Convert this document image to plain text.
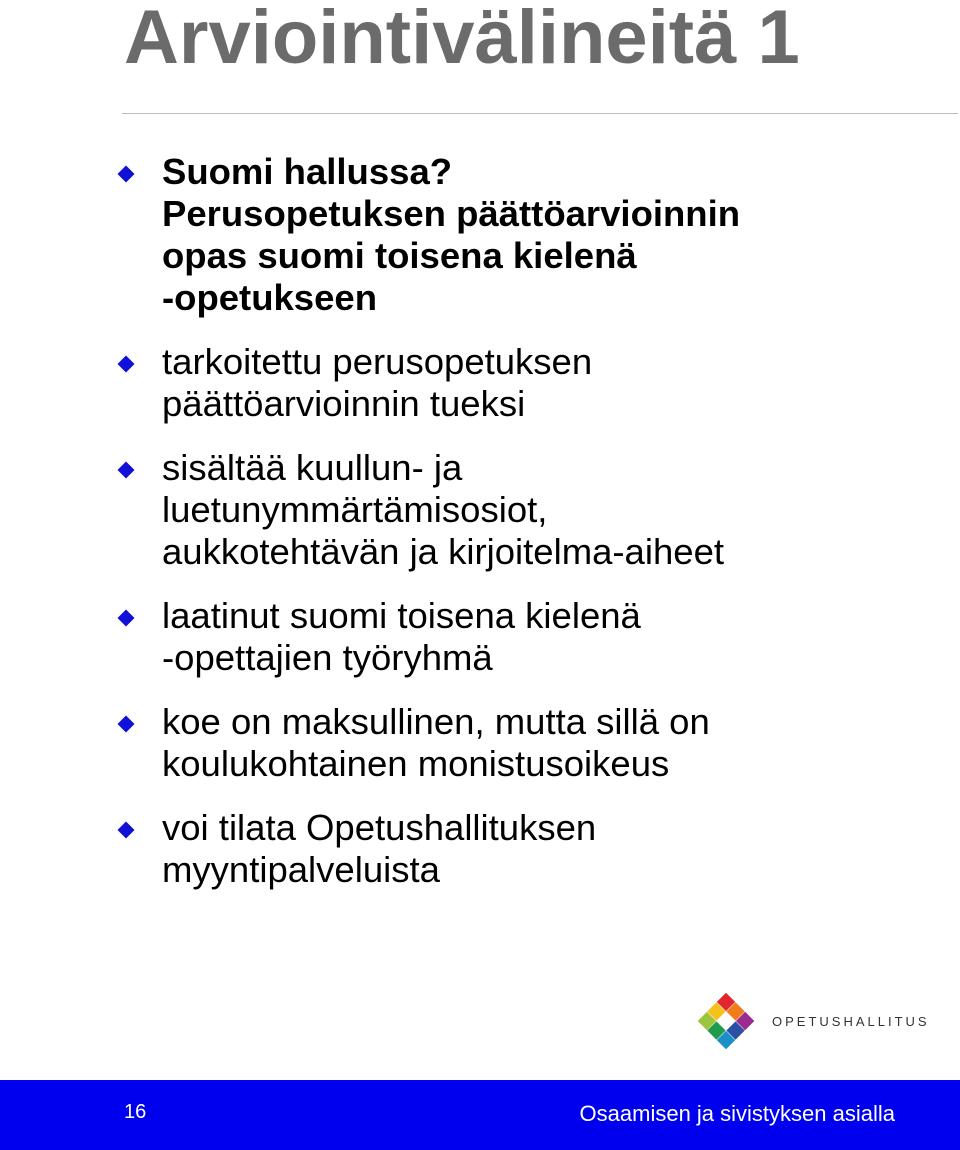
Arviointivälineitä 1
Suomi hallussa?
Perusopetuksen päättöarvioinnin
opas suomi toisena kielenä
-opetukseen
tarkoitettu perusopetuksen
päättöarvioinnin tueksi
sisältää kuullun- ja
luetunymmärtämisosiot,
aukkotehtävän ja kirjoitelma-aiheet
laatinut suomi toisena kielenä
-opettajien työryhmä
koe on maksullinen, mutta sillä on
koulukohtainen monistusoikeus
voi tilata Opetushallituksen
myyntipalveluista
OPETUSHALLITUS
16	Osaamisen ja sivistyksen asialla
